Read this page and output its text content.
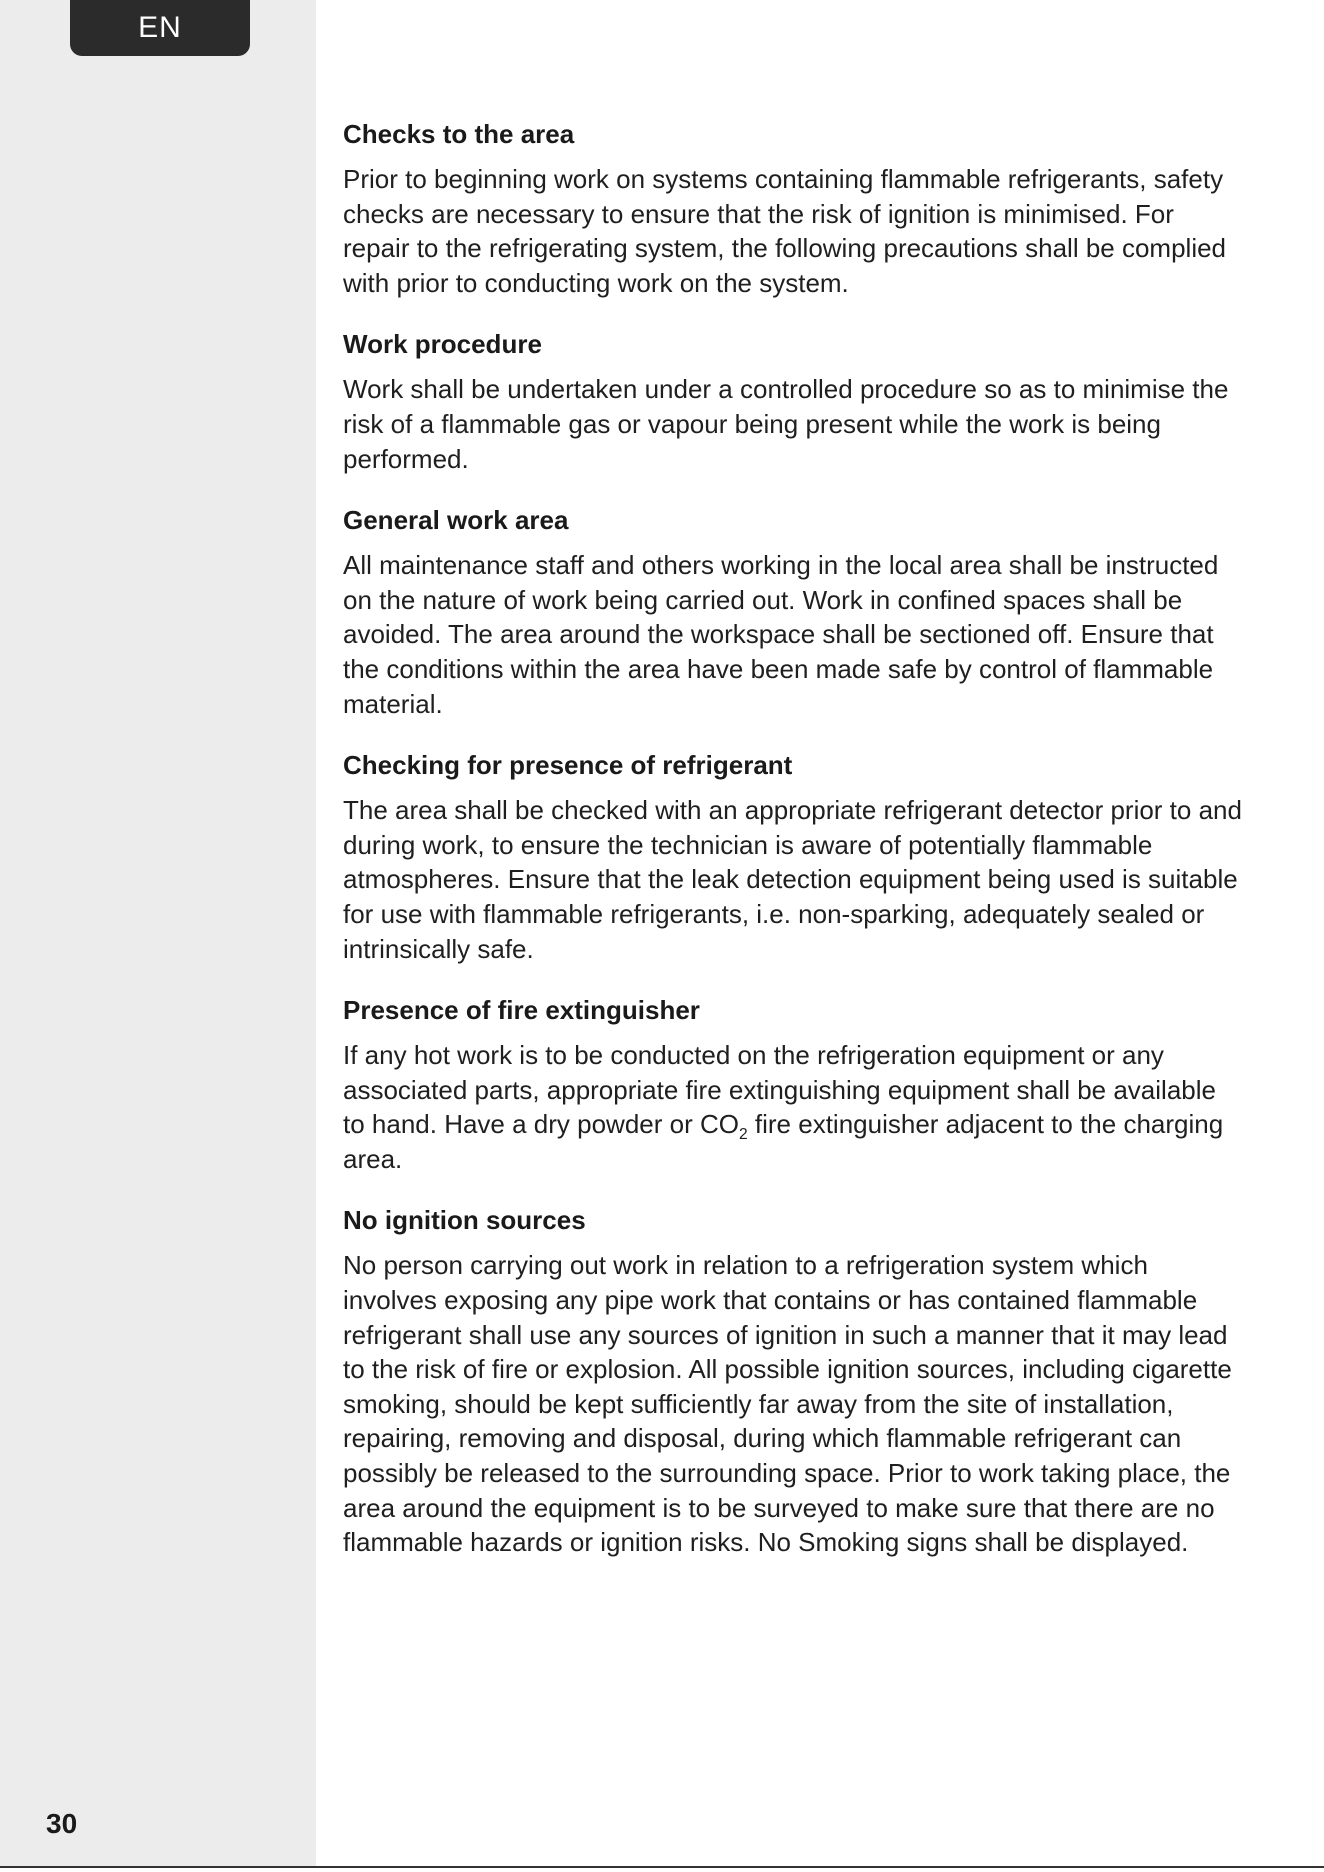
EN
30
Checks to the area

Prior to beginning work on systems containing flammable refrigerants, safety checks are necessary to ensure that the risk of ignition is minimised. For repair to the refrigerating system, the following precautions shall be complied with prior to conducting work on the system.

Work procedure

Work shall be undertaken under a controlled procedure so as to minimise the risk of a flammable gas or vapour being present while the work is being performed.

General work area

All maintenance staff and others working in the local area shall be instructed on the nature of work being carried out. Work in confined spaces shall be avoided. The area around the workspace shall be sectioned off. Ensure that the conditions within the area have been made safe by control of flammable material.

Checking for presence of refrigerant

The area shall be checked with an appropriate refrigerant detector prior to and during work, to ensure the technician is aware of potentially flammable atmospheres. Ensure that the leak detection equipment being used is suitable for use with flammable refrigerants, i.e. non-sparking, adequately sealed or intrinsically safe.

Presence of fire extinguisher

If any hot work is to be conducted on the refrigeration equipment or any associated parts, appropriate fire extinguishing equipment shall be available to hand. Have a dry powder or $CO_2$ fire extinguisher adjacent to the charging area.

No ignition sources

No person carrying out work in relation to a refrigeration system which involves exposing any pipe work that contains or has contained flammable refrigerant shall use any sources of ignition in such a manner that it may lead to the risk of fire or explosion. All possible ignition sources, including cigarette smoking, should be kept sufficiently far away from the site of installation, repairing, removing and disposal, during which flammable refrigerant can possibly be released to the surrounding space. Prior to work taking place, the area around the equipment is to be surveyed to make sure that there are no flammable hazards or ignition risks. No Smoking signs shall be displayed.
